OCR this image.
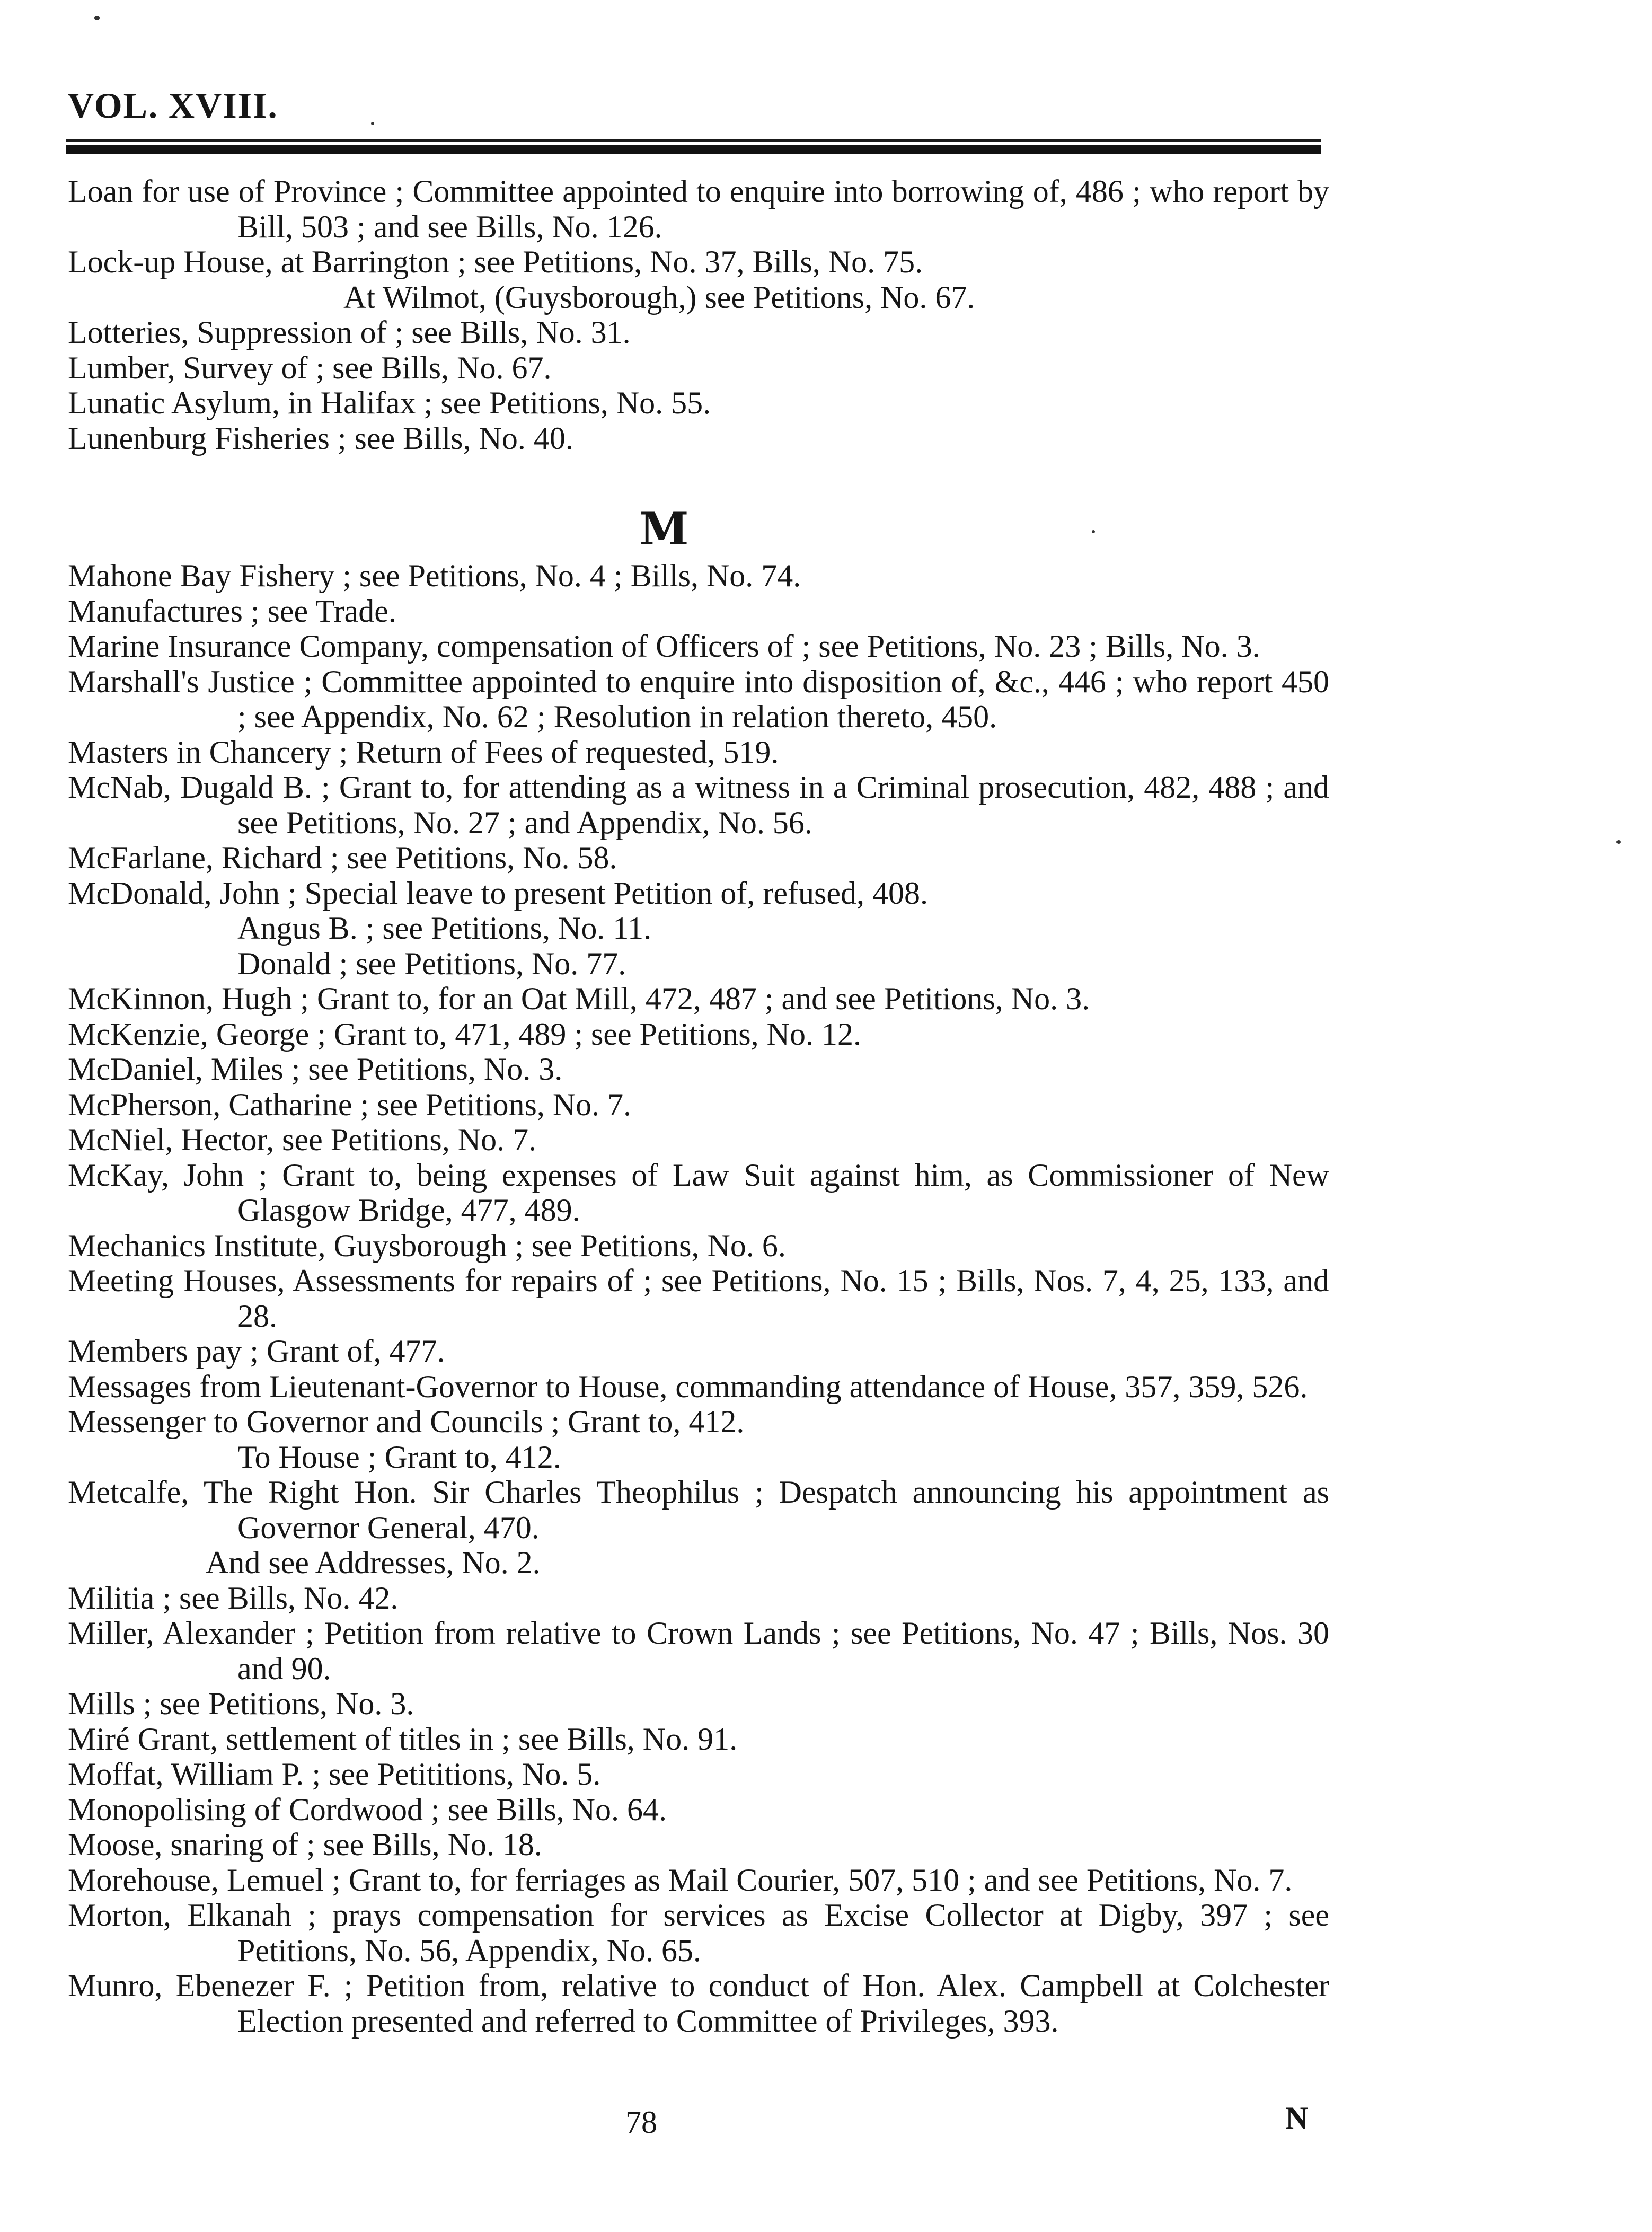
VOL. XVIII.
Loan for use of Province ; Committee appointed to enquire into borrowing of, 486 ; who report by Bill, 503 ; and see Bills, No. 126.
Lock-up House, at Barrington ; see Petitions, No. 37, Bills, No. 75.
At Wilmot, (Guysborough,) see Petitions, No. 67.
Lotteries, Suppression of ; see Bills, No. 31.
Lumber, Survey of ; see Bills, No. 67.
Lunatic Asylum, in Halifax ; see Petitions, No. 55.
Lunenburg Fisheries ; see Bills, No. 40.
M
Mahone Bay Fishery ; see Petitions, No. 4 ; Bills, No. 74.
Manufactures ; see Trade.
Marine Insurance Company, compensation of Officers of ; see Petitions, No. 23 ; Bills, No. 3.
Marshall's Justice ; Committee appointed to enquire into disposition of, &c., 446 ; who report 450 ; see Appendix, No. 62 ; Resolution in relation thereto, 450.
Masters in Chancery ; Return of Fees of requested, 519.
McNab, Dugald B. ; Grant to, for attending as a witness in a Criminal prosecution, 482, 488 ; and see Petitions, No. 27 ; and Appendix, No. 56.
McFarlane, Richard ; see Petitions, No. 58.
McDonald, John ; Special leave to present Petition of, refused, 408.
Angus B. ; see Petitions, No. 11.
Donald ; see Petitions, No. 77.
McKinnon, Hugh ; Grant to, for an Oat Mill, 472, 487 ; and see Petitions, No. 3.
McKenzie, George ; Grant to, 471, 489 ; see Petitions, No. 12.
McDaniel, Miles ; see Petitions, No. 3.
McPherson, Catharine ; see Petitions, No. 7.
McNiel, Hector, see Petitions, No. 7.
McKay, John ; Grant to, being expenses of Law Suit against him, as Commissioner of New Glasgow Bridge, 477, 489.
Mechanics Institute, Guysborough ; see Petitions, No. 6.
Meeting Houses, Assessments for repairs of ; see Petitions, No. 15 ; Bills, Nos. 7, 4, 25, 133, and 28.
Members pay ; Grant of, 477.
Messages from Lieutenant-Governor to House, commanding attendance of House, 357, 359, 526.
Messenger to Governor and Councils ; Grant to, 412.
To House ; Grant to, 412.
Metcalfe, The Right Hon. Sir Charles Theophilus ; Despatch announcing his appointment as Governor General, 470.
And see Addresses, No. 2.
Militia ; see Bills, No. 42.
Miller, Alexander ; Petition from relative to Crown Lands ; see Petitions, No. 47 ; Bills, Nos. 30 and 90.
Mills ; see Petitions, No. 3.
Miré Grant, settlement of titles in ; see Bills, No. 91.
Moffat, William P. ; see Petititions, No. 5.
Monopolising of Cordwood ; see Bills, No. 64.
Moose, snaring of ; see Bills, No. 18.
Morehouse, Lemuel ; Grant to, for ferriages as Mail Courier, 507, 510 ; and see Petitions, No. 7.
Morton, Elkanah ; prays compensation for services as Excise Collector at Digby, 397 ; see Petitions, No. 56, Appendix, No. 65.
Munro, Ebenezer F. ; Petition from, relative to conduct of Hon. Alex. Campbell at Colchester Election presented and referred to Committee of Privileges, 393.
78	N
